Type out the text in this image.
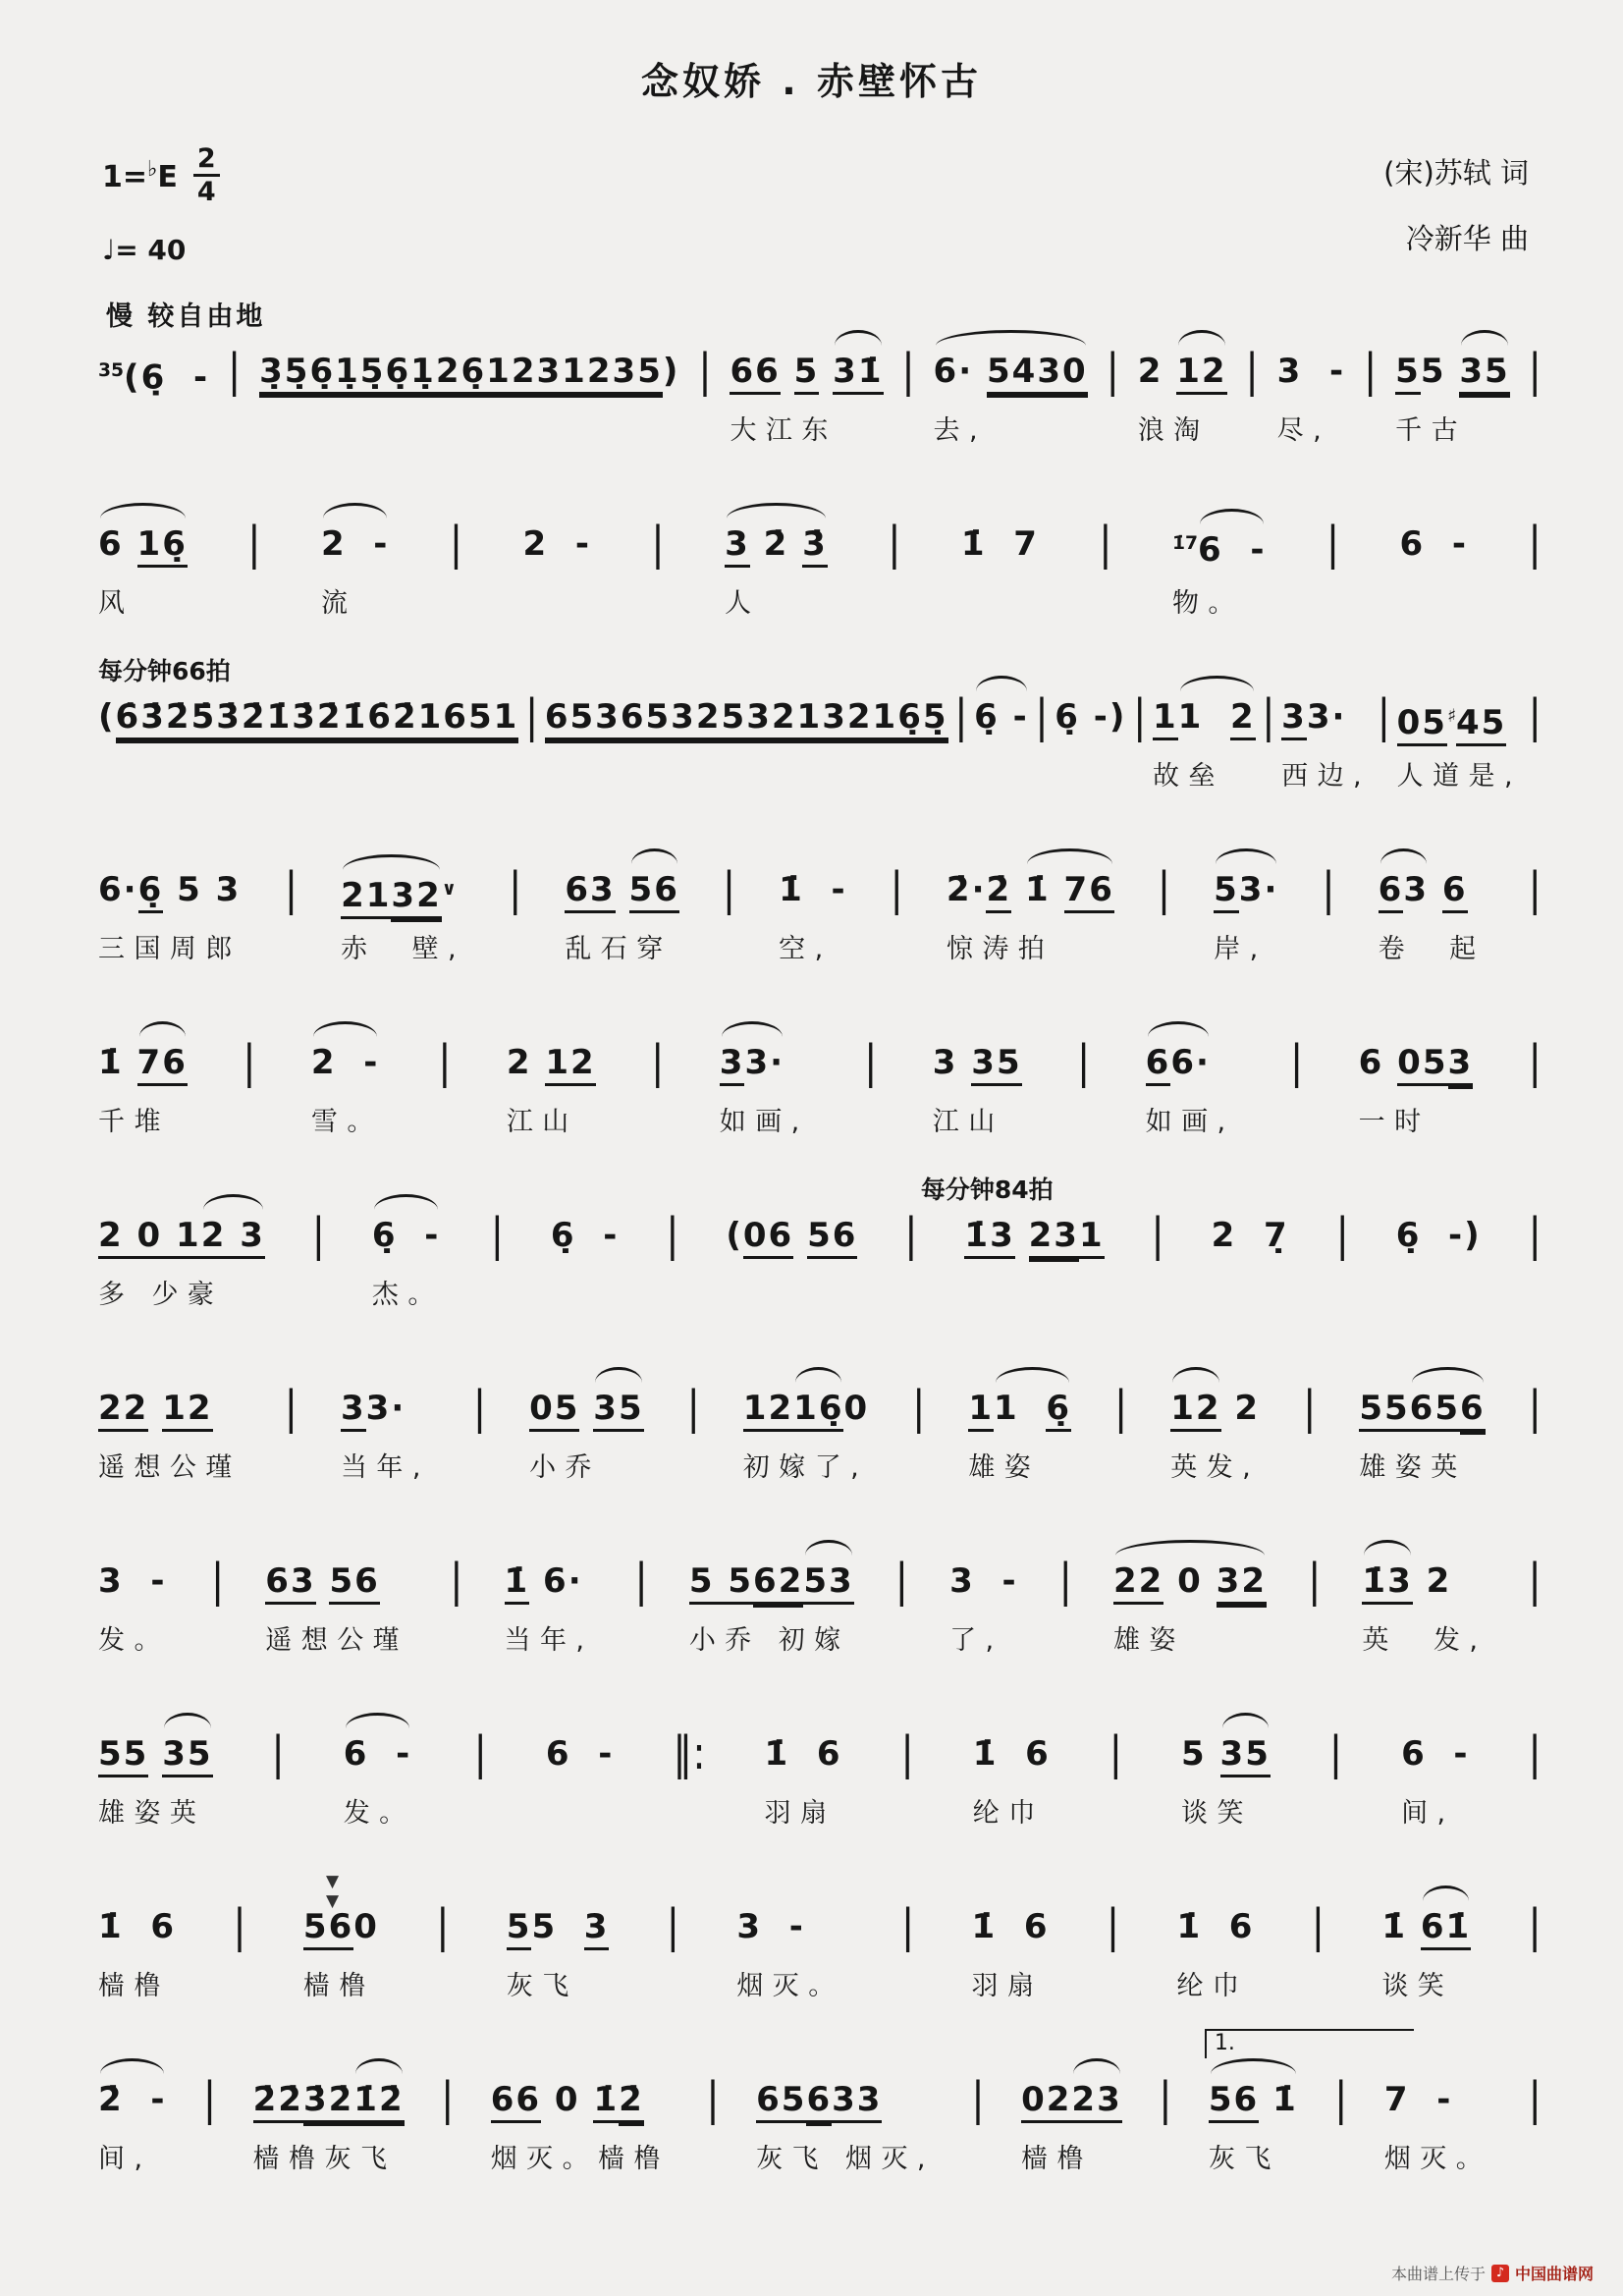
念奴娇 . 赤壁怀古
$1=^♭E \frac{2}{4}$
♩= 40
(宋)苏轼 词
冷新华 曲
慢 较自由地
$^{35}$(6 - | 3561561261231235) | 66 5 31
大江东
| 6· 5430
去,
| 2 12
浪淘
| 3 -
尽,
| 55 35
千古
|
6 16
风
| 2 -
流
| 2 - | 3 2 3
人
| 1 7 |	$^{17}$6 -
物。
| 6 - |
每分钟66拍
(6325321321621651 | 6536532532132165 | 6 - | 6 -) | 11 2
故垒
| 33·
西边,
| 05♯45
人道是,
|
6·6 5 3
三国周郎
| 2132∨
赤  壁,
| 63 56
乱石穿
| 1 -
空,
| 2·2 1 76
惊涛拍
| 53·
岸,
| 63 6
卷  起
|
1 76
千堆
| 2 -
雪。
| 2 12
江山
| 33·
如画,
| 3 35
江山
| 66·
如画,
| 6 053
一时
|
每分钟84拍
2 0 12 3
多 少豪
| 6 -
杰。
| 6 - | (06 56 | 13 231 | 2 7 | 6 -) |
22 12
遥想公瑾
| 33·
当年,
| 05 35
小乔
| 12160
初嫁了,
| 11 6
雄姿
| 12 2
英发,
| 55656
雄姿英
|
3 -
发。
| 63 56
遥想公瑾
| 1 6·
当年,
| 5 56253
小乔 初嫁
| 3 -
了,
| 22 0 32
雄姿
| 13 2
英  发,
|
55 35
雄姿英
| 6 -
发。
| 6 - ‖: 1 6
羽扇
| 1 6
纶巾
| 5 35
谈笑
| 6 -
间,
|
1 6
樯橹
|
▼ ▼
560
樯橹
| 55 3
灰飞
| 3 -
烟灭。
| 1 6
羽扇
| 1 6
纶巾
| 1 61
谈笑
|
2 -
间,
| 223212
樯橹灰飞
| 66 0 12
烟灭。樯橹
| 65633
灰飞 烟灭,
| 0223
樯橹
|
1.
56 1
灰飞
| 7 -
烟灭。
|
本曲谱上传于 ♪ 中国曲谱网
